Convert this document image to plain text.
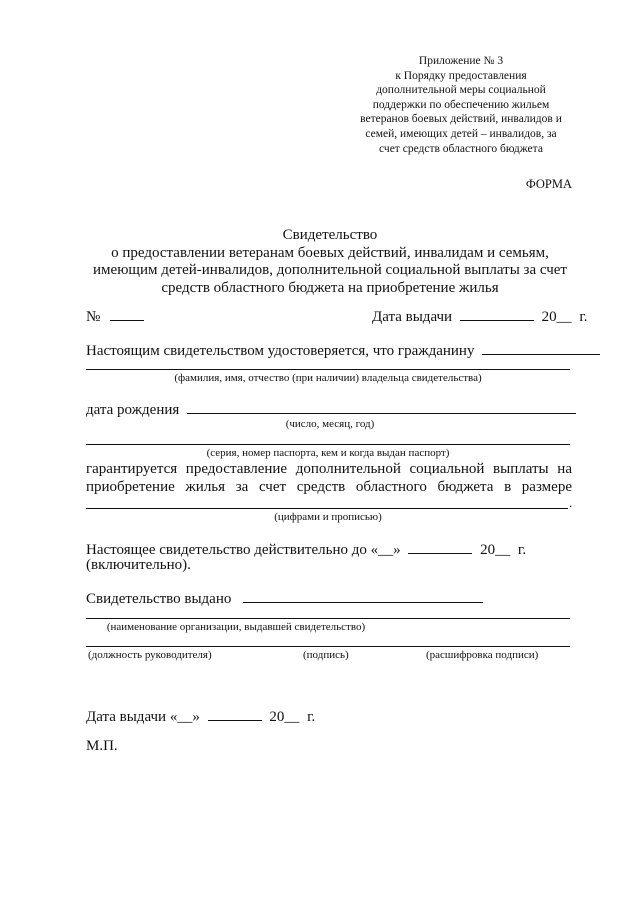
Приложение № 3
к Порядку предоставления
дополнительной меры социальной
поддержки по обеспечению жильем
ветеранов боевых действий, инвалидов и
семей, имеющих детей – инвалидов, за
счет средств областного бюджета
ФОРМА
Свидетельство
о предоставлении ветеранам боевых действий, инвалидам и семьям,
имеющим детей-инвалидов, дополнительной социальной выплаты за счет
средств областного бюджета на приобретение жилья
№	Дата выдачи	20__ г.
Настоящим свидетельством удостоверяется, что гражданину
(фамилия, имя, отчество (при наличии) владельца свидетельства)
дата рождения
(число, месяц, год)
(серия, номер паспорта, кем и когда выдан паспорт)
гарантируется предоставление дополнительной социальной выплаты на
приобретение жилья за счет средств областного бюджета в размере
.
(цифрами и прописью)
Настоящее свидетельство действительно до «__»	20__ г.
(включительно).
Свидетельство выдано
(наименование организации, выдавшей свидетельство)
(должность руководителя)	(подпись)	(расшифровка подписи)
Дата выдачи «__»	20__ г.
М.П.
